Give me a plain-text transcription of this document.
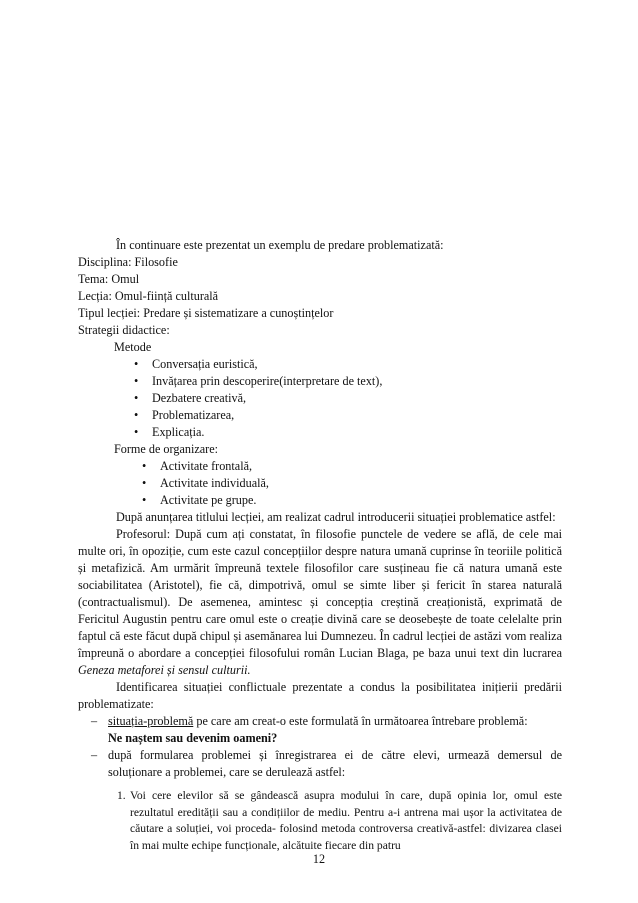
În continuare este prezentat un exemplu de predare problematizată:
Disciplina: Filosofie
Tema: Omul
Lecția: Omul-ființă culturală
Tipul lecției: Predare și sistematizare a cunoștințelor
Strategii didactice:
Metode
• Conversația euristică,
• Invățarea prin descoperire(interpretare de text),
• Dezbatere creativă,
• Problematizarea,
• Explicația.
Forme de organizare:
• Activitate frontală,
• Activitate individuală,
• Activitate pe grupe.
După anunțarea titlului lecției, am realizat cadrul introducerii situației problematice astfel:
Profesorul: După cum ați constatat, în filosofie punctele de vedere se află, de cele mai multe ori, în opoziție, cum este cazul concepțiilor despre natura umană cuprinse în teoriile politică și metafizică. Am urmărit împreună textele filosofilor care susțineau fie că natura umană este sociabilitatea (Aristotel), fie că, dimpotrivă, omul se simte liber și fericit în starea naturală (contractualismul). De asemenea, amintesc și concepția creștină creaționistă, exprimată de Fericitul Augustin pentru care omul este o creație divină care se deosebește de toate celelalte prin faptul că este făcut după chipul și asemănarea lui Dumnezeu. În cadrul lecției de astăzi vom realiza împreună o abordare a concepției filosofului român Lucian Blaga, pe baza unui text din lucrarea Geneza metaforei și sensul culturii.
Identificarea situației conflictuale prezentate a condus la posibilitatea inițierii predării problematizate:
– situația-problemă pe care am creat-o este formulată în următoarea întrebare problemă:
Ne naștem sau devenim oameni?
– după formularea problemei și înregistrarea ei de către elevi, urmează demersul de soluționare a problemei, care se derulează astfel:
1. Voi cere elevilor să se gândească asupra modului în care, după opinia lor, omul este rezultatul eredității sau a condițiilor de mediu. Pentru a-i antrena mai ușor la activitatea de căutare a soluției, voi proceda- folosind metoda controversa creativă-astfel: divizarea clasei în mai multe echipe funcționale, alcătuite fiecare din patru
12
